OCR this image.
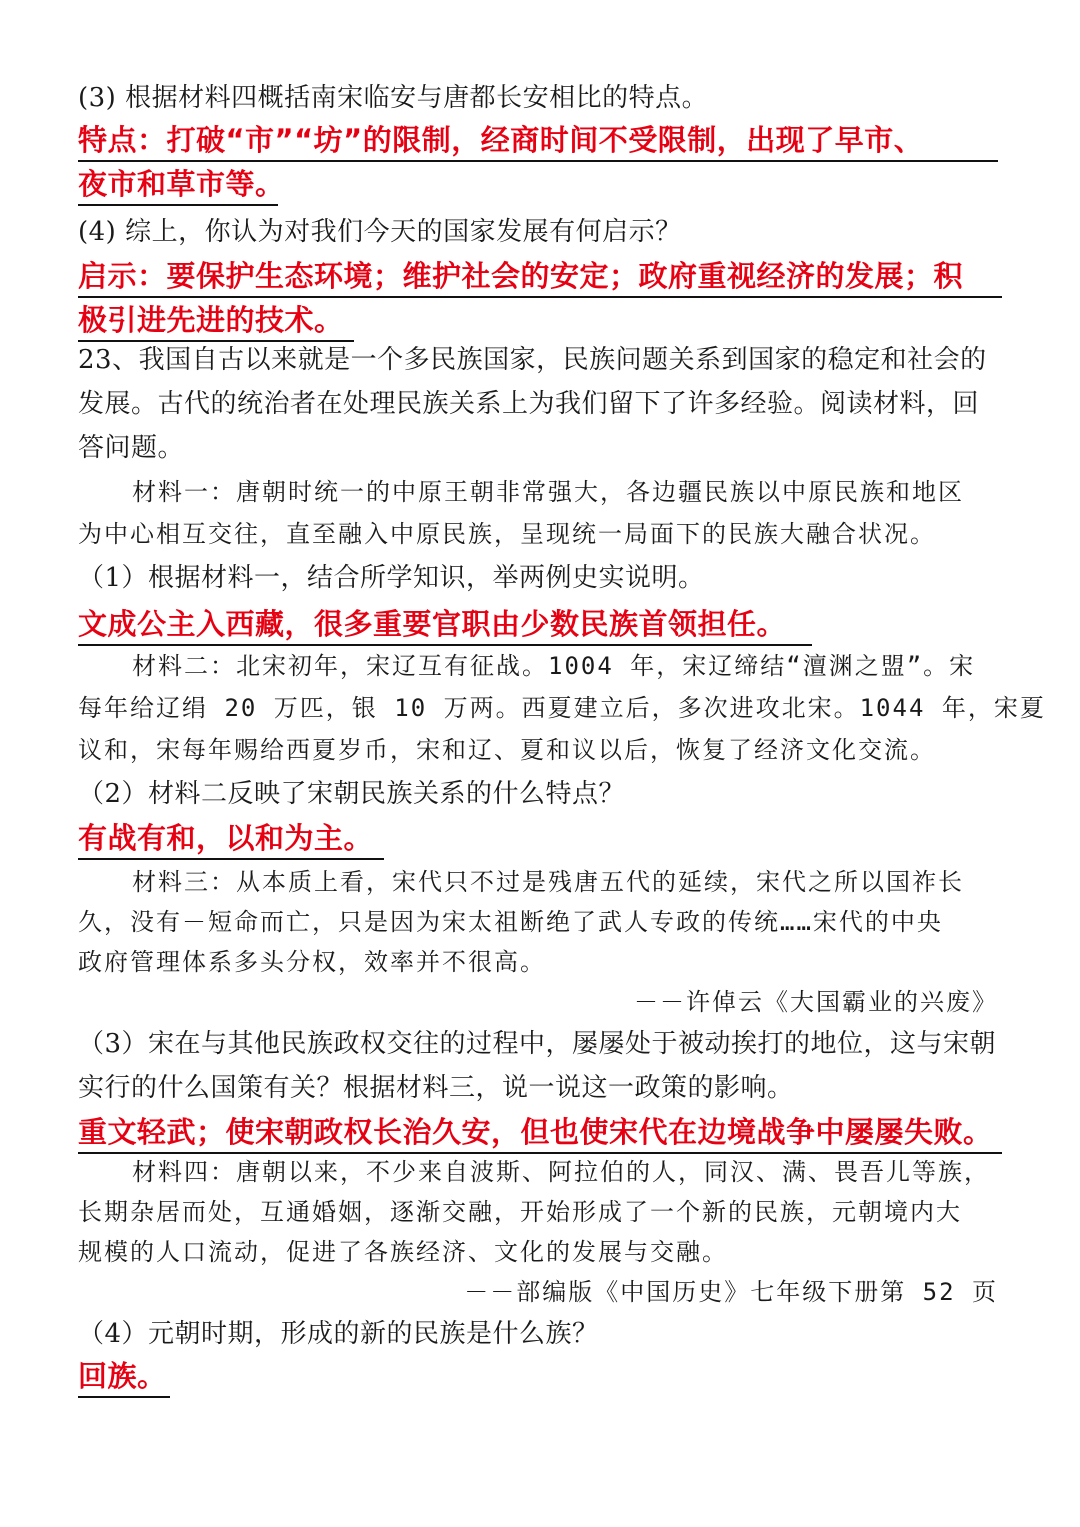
(3) 根据材料四概括南宋临安与唐都长安相比的特点。
特点：打破“市”“坊”的限制，经商时间不受限制，出现了早市、
夜市和草市等。
(4) 综上，你认为对我们今天的国家发展有何启示？
启示：要保护生态环境；维护社会的安定；政府重视经济的发展；积
极引进先进的技术。
23、我国自古以来就是一个多民族国家，民族问题关系到国家的稳定和社会的
发展。古代的统治者在处理民族关系上为我们留下了许多经验。阅读材料，回
答问题。
材料一：唐朝时统一的中原王朝非常强大，各边疆民族以中原民族和地区
为中心相互交往，直至融入中原民族，呈现统一局面下的民族大融合状况。
（1）根据材料一，结合所学知识，举两例史实说明。
文成公主入西藏，很多重要官职由少数民族首领担任。
材料二：北宋初年，宋辽互有征战。1004 年，宋辽缔结“澶渊之盟”。宋
每年给辽绢 20 万匹，银 10 万两。西夏建立后，多次进攻北宋。1044 年，宋夏
议和，宋每年赐给西夏岁币，宋和辽、夏和议以后，恢复了经济文化交流。
（2）材料二反映了宋朝民族关系的什么特点？
有战有和，以和为主。
材料三：从本质上看，宋代只不过是残唐五代的延续，宋代之所以国祚长
久，没有－短命而亡，只是因为宋太祖断绝了武人专政的传统……宋代的中央
政府管理体系多头分权，效率并不很高。
－－许倬云《大国霸业的兴废》
（3）宋在与其他民族政权交往的过程中，屡屡处于被动挨打的地位，这与宋朝
实行的什么国策有关？根据材料三，说一说这一政策的影响。
重文轻武；使宋朝政权长治久安，但也使宋代在边境战争中屡屡失败。
材料四：唐朝以来，不少来自波斯、阿拉伯的人，同汉、满、畏吾儿等族，
长期杂居而处，互通婚姻，逐渐交融，开始形成了一个新的民族，元朝境内大
规模的人口流动，促进了各族经济、文化的发展与交融。
－－部编版《中国历史》七年级下册第 52 页
（4）元朝时期，形成的新的民族是什么族？
回族。
